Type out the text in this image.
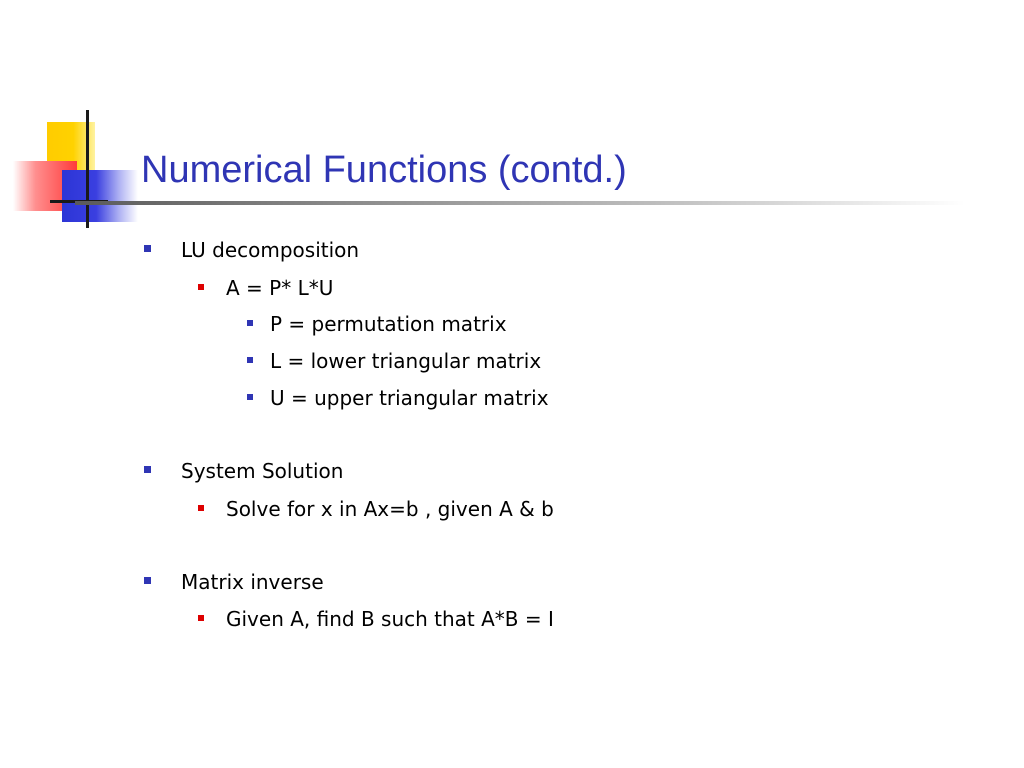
Numerical Functions (contd.)
LU decomposition
A = P* L*U
P = permutation matrix
L = lower triangular matrix
U = upper triangular matrix
System Solution
Solve for x in Ax=b , given A & b
Matrix inverse
Given A, find B such that A*B = I
